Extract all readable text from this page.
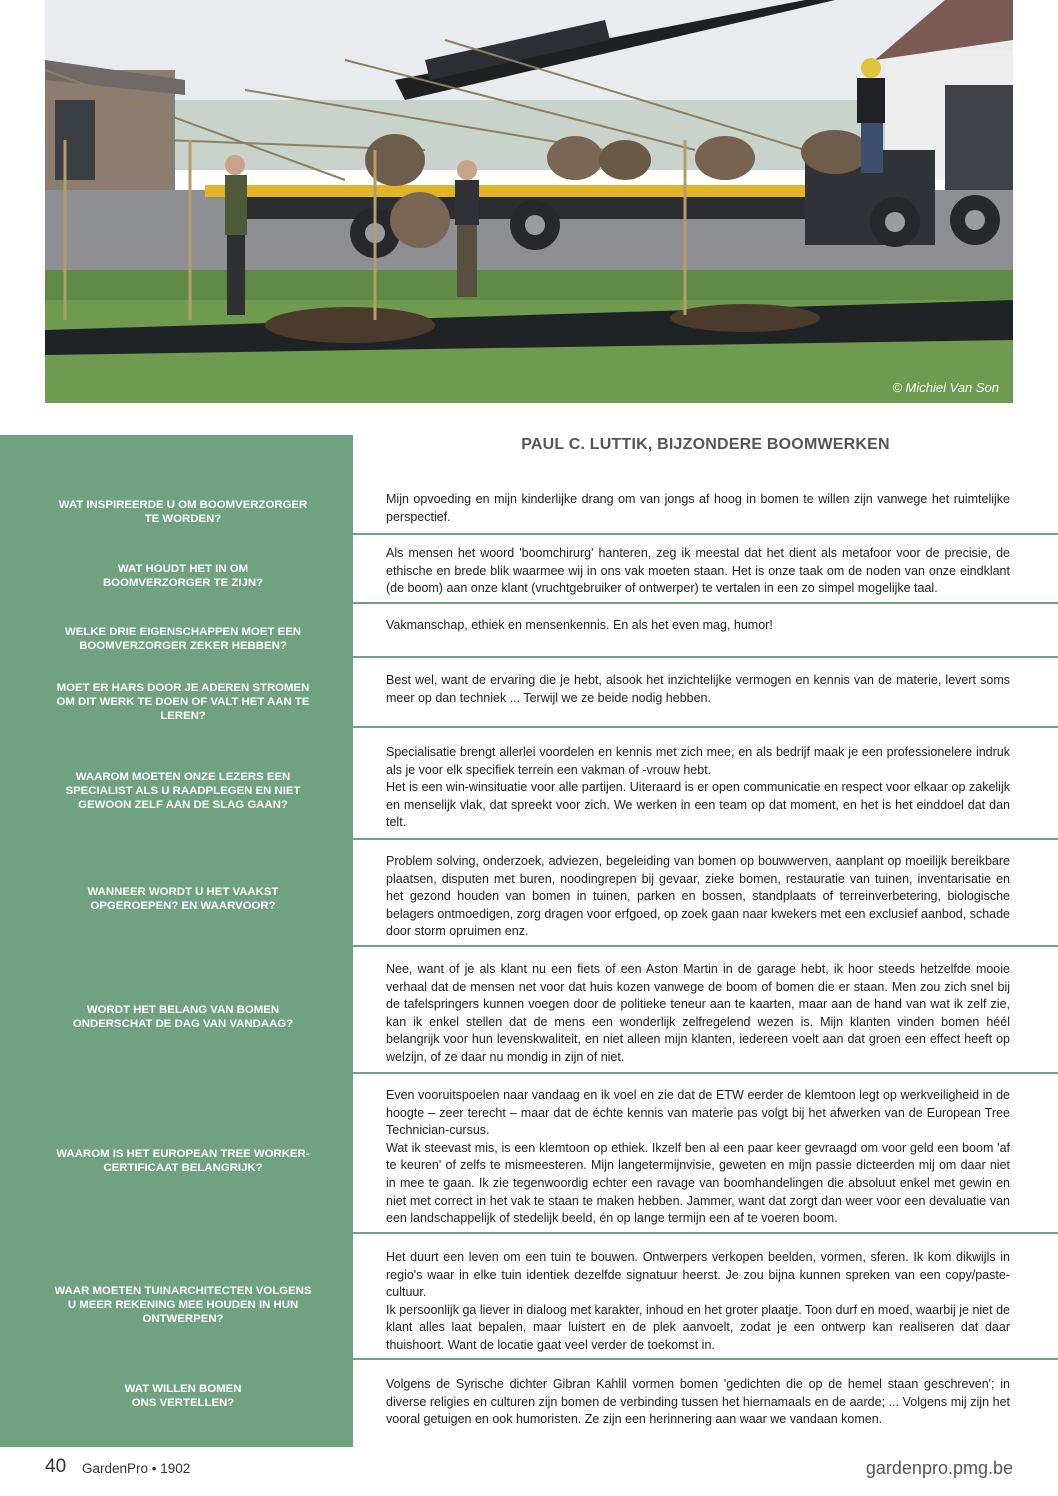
© Michiel Van Son
PAUL C. LUTTIK, BIJZONDERE BOOMWERKEN
WAT INSPIREERDE U OM BOOMVERZORGER
TE WORDEN?
WAT HOUDT HET IN OM
BOOMVERZORGER TE ZIJN?
WELKE DRIE EIGENSCHAPPEN MOET EEN
BOOMVERZORGER ZEKER HEBBEN?
MOET ER HARS DOOR JE ADEREN STROMEN
OM DIT WERK TE DOEN OF VALT HET AAN TE
LEREN?
WAAROM MOETEN ONZE LEZERS EEN
SPECIALIST ALS U RAADPLEGEN EN NIET
GEWOON ZELF AAN DE SLAG GAAN?
WANNEER WORDT U HET VAAKST
OPGEROEPEN? EN WAARVOOR?
WORDT HET BELANG VAN BOMEN
ONDERSCHAT DE DAG VAN VANDAAG?
WAAROM IS HET EUROPEAN TREE WORKER-
CERTIFICAAT BELANGRIJK?
WAAR MOETEN TUINARCHITECTEN VOLGENS
U MEER REKENING MEE HOUDEN IN HUN
ONTWERPEN?
WAT WILLEN BOMEN
ONS VERTELLEN?

Mijn opvoeding en mijn kinderlijke drang om van jongs af hoog in bomen te willen zijn vanwege het ruimtelijke perspectief.

Als mensen het woord 'boomchirurg' hanteren, zeg ik meestal dat het dient als metafoor voor de precisie, de ethische en brede blik waarmee wij in ons vak moeten staan. Het is onze taak om de noden van onze eindklant (de boom) aan onze klant (vruchtgebruiker of ontwerper) te vertalen in een zo simpel mogelijke taal.

Vakmanschap, ethiek en mensenkennis. En als het even mag, humor!

Best wel, want de ervaring die je hebt, alsook het inzichtelijke vermogen en kennis van de materie, levert soms meer op dan techniek ... Terwijl we ze beide nodig hebben.

Specialisatie brengt allerlei voordelen en kennis met zich mee, en als bedrijf maak je een professionelere indruk als je voor elk specifiek terrein een vakman of -vrouw hebt.

Het is een win-winsituatie voor alle partijen. Uiteraard is er open communicatie en respect voor elkaar op zakelijk en menselijk vlak, dat spreekt voor zich. We werken in een team op dat moment, en het is het einddoel dat dan telt.

Problem solving, onderzoek, adviezen, begeleiding van bomen op bouwwerven, aanplant op moeilijk bereikbare plaatsen, disputen met buren, noodingrepen bij gevaar, zieke bomen, restauratie van tuinen, inventarisatie en het gezond houden van bomen in tuinen, parken en bossen, standplaats of terreinverbetering, biologische belagers ontmoedigen, zorg dragen voor erfgoed, op zoek gaan naar kwekers met een exclusief aanbod, schade door storm opruimen enz.

Nee, want of je als klant nu een fiets of een Aston Martin in de garage hebt, ik hoor steeds hetzelfde mooie verhaal dat de mensen net voor dat huis kozen vanwege de boom of bomen die er staan. Men zou zich snel bij de tafelspringers kunnen voegen door de politieke teneur aan te kaarten, maar aan de hand van wat ik zelf zie, kan ik enkel stellen dat de mens een wonderlijk zelfregelend wezen is. Mijn klanten vinden bomen héél belangrijk voor hun levenskwaliteit, en niet alleen mijn klanten, iedereen voelt aan dat groen een effect heeft op welzijn, of ze daar nu mondig in zijn of niet.

Even vooruitspoelen naar vandaag en ik voel en zie dat de ETW eerder de klemtoon legt op werkveiligheid in de hoogte – zeer terecht – maar dat de échte kennis van materie pas volgt bij het afwerken van de European Tree Technician-cursus.

Wat ik steevast mis, is een klemtoon op ethiek. Ikzelf ben al een paar keer gevraagd om voor geld een boom 'af te keuren' of zelfs te mismeesteren. Mijn langetermijnvisie, geweten en mijn passie dicteerden mij om daar niet in mee te gaan. Ik zie tegenwoordig echter een ravage van boomhandelingen die absoluut enkel met gewin en niet met correct in het vak te staan te maken hebben. Jammer, want dat zorgt dan weer voor een devaluatie van een landschappelijk of stedelijk beeld, én op lange termijn een af te voeren boom.

Het duurt een leven om een tuin te bouwen. Ontwerpers verkopen beelden, vormen, sferen. Ik kom dikwijls in regio's waar in elke tuin identiek dezelfde signatuur heerst. Je zou bijna kunnen spreken van een copy/paste-cultuur.

Ik persoonlijk ga liever in dialoog met karakter, inhoud en het groter plaatje. Toon durf en moed, waarbij je niet de klant alles laat bepalen, maar luistert en de plek aanvoelt, zodat je een ontwerp kan realiseren dat daar thuishoort. Want de locatie gaat veel verder de toekomst in.

Volgens de Syrische dichter Gibran Kahlil vormen bomen 'gedichten die op de hemel staan geschreven'; in diverse religies en culturen zijn bomen de verbinding tussen het hiernamaals en de aarde; ... Volgens mij zijn het vooral getuigen en ook humoristen. Ze zijn een herinnering aan waar we vandaan komen.

40 GardenPro • 1902	gardenpro.pmg.be
